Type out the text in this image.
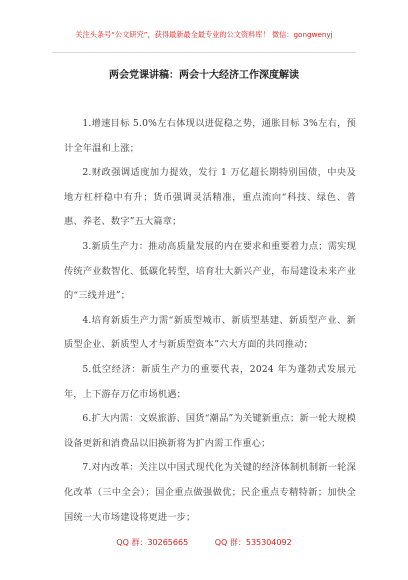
关注头条号“公文研究”，获得最新最全最专业的公文资料库！ 微信：gongwenyj
两会党课讲稿：两会十大经济工作深度解读

1.增速目标 5.0%左右体现以进促稳之势，通胀目标 3%左右，预计全年温和上涨；

2.财政强调适度加力提效，发行 1 万亿超长期特别国债，中央及地方杠杆稳中有升；货币强调灵活精准，重点流向“科技、绿色、普惠、养老、数字”五大篇章；

3.新质生产力：推动高质量发展的内在要求和重要着力点；需实现传统产业数智化、低碳化转型，培育壮大新兴产业，布局建设未来产业的“三线并进”；

4.培育新质生产力需“新质型城市、新质型基建、新质型产业、新质型企业、新质型人才与新质型资本”六大方面的共同推动；

5.低空经济：新质生产力的重要代表，2024 年为蓬勃式发展元年，上下游存万亿市场机遇；

6.扩大内需：文娱旅游、国货“潮品”为关键新重点；新一轮大规模设备更新和消费品以旧换新将为扩内需工作重心；

7.对内改革：关注以中国式现代化为关键的经济体制机制新一轮深化改革（三中全会）；国企重点做强做优；民企重点专精特新；加快全国统一大市场建设将更进一步；

QQ 群：30265665	QQ 群：535304092
